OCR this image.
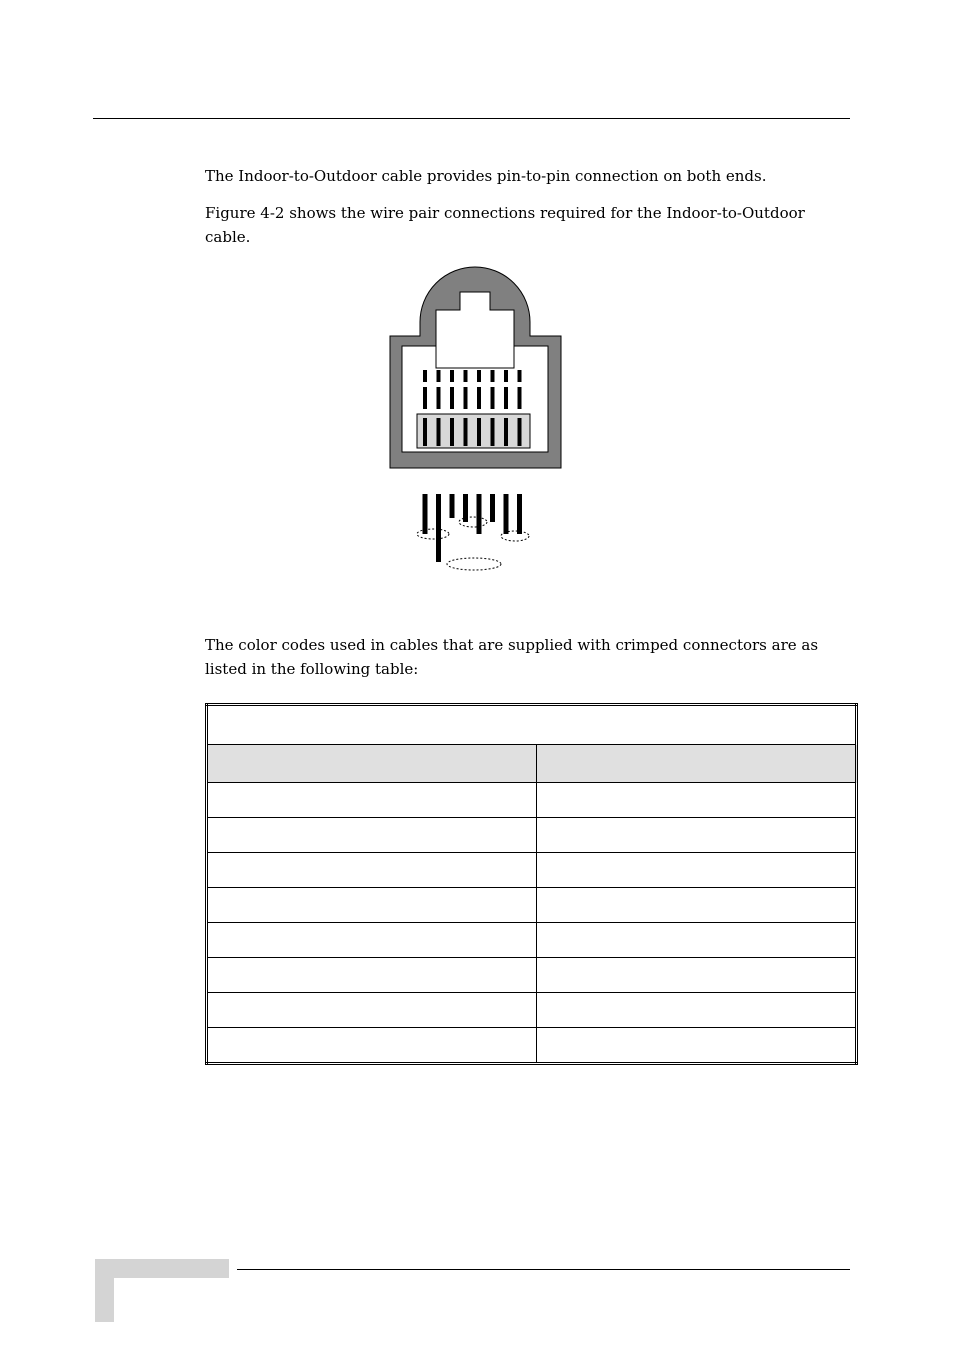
The Indoor-to-Outdoor cable provides pin-to-pin connection on both ends.

Figure 4-2 shows the wire pair connections required for the Indoor-to-Outdoor cable.

The color codes used in cables that are supplied with crimped connectors are as listed in the following table:
